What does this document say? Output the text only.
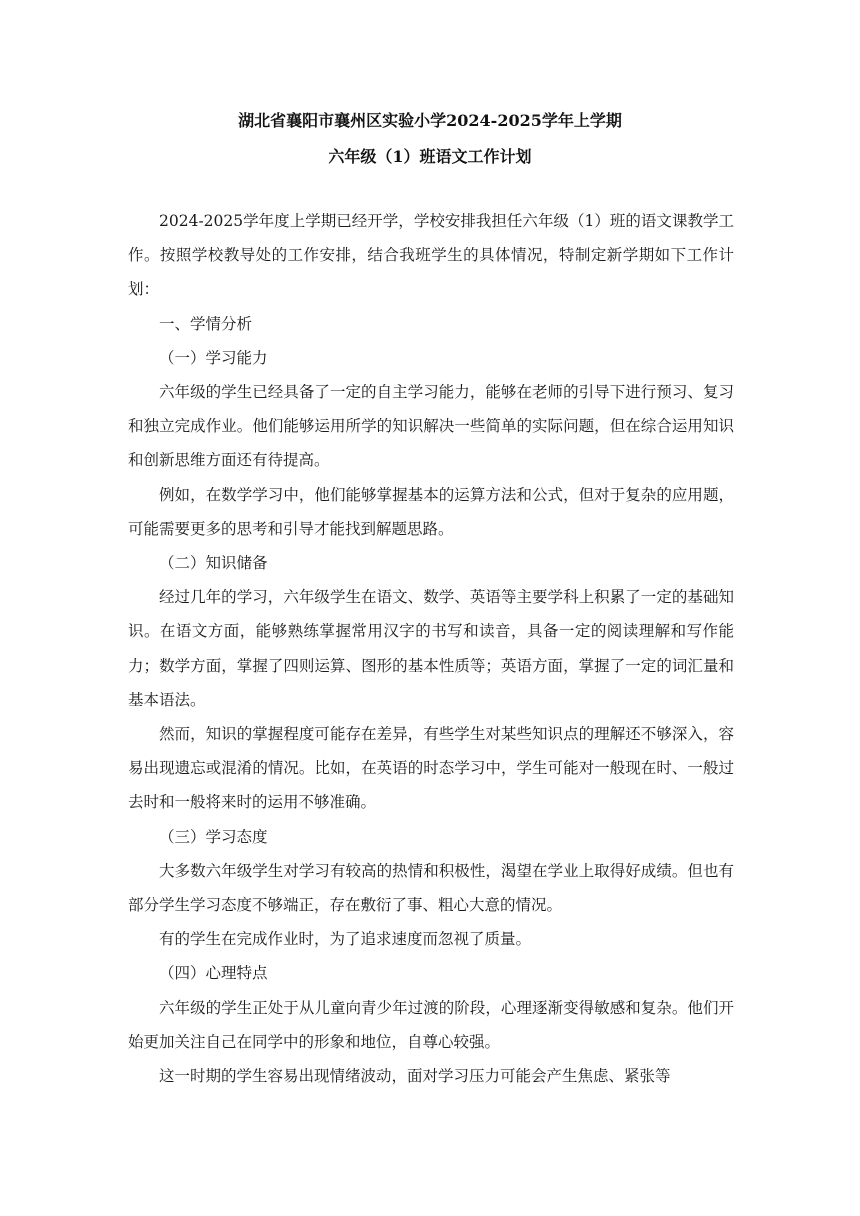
湖北省襄阳市襄州区实验小学2024-2025学年上学期
六年级（1）班语文工作计划

2024-2025学年度上学期已经开学，学校安排我担任六年级（1）班的语文课教学工作。按照学校教导处的工作安排，结合我班学生的具体情况，特制定新学期如下工作计划：

一、学情分析

（一）学习能力

六年级的学生已经具备了一定的自主学习能力，能够在老师的引导下进行预习、复习和独立完成作业。他们能够运用所学的知识解决一些简单的实际问题，但在综合运用知识和创新思维方面还有待提高。

例如，在数学学习中，他们能够掌握基本的运算方法和公式，但对于复杂的应用题，可能需要更多的思考和引导才能找到解题思路。

（二）知识储备

经过几年的学习，六年级学生在语文、数学、英语等主要学科上积累了一定的基础知识。在语文方面，能够熟练掌握常用汉字的书写和读音，具备一定的阅读理解和写作能力；数学方面，掌握了四则运算、图形的基本性质等；英语方面，掌握了一定的词汇量和基本语法。

然而，知识的掌握程度可能存在差异，有些学生对某些知识点的理解还不够深入，容易出现遗忘或混淆的情况。比如，在英语的时态学习中，学生可能对一般现在时、一般过去时和一般将来时的运用不够准确。

（三）学习态度

大多数六年级学生对学习有较高的热情和积极性，渴望在学业上取得好成绩。但也有部分学生学习态度不够端正，存在敷衍了事、粗心大意的情况。

有的学生在完成作业时，为了追求速度而忽视了质量。

（四）心理特点

六年级的学生正处于从儿童向青少年过渡的阶段，心理逐渐变得敏感和复杂。他们开始更加关注自己在同学中的形象和地位，自尊心较强。

这一时期的学生容易出现情绪波动，面对学习压力可能会产生焦虑、紧张等
